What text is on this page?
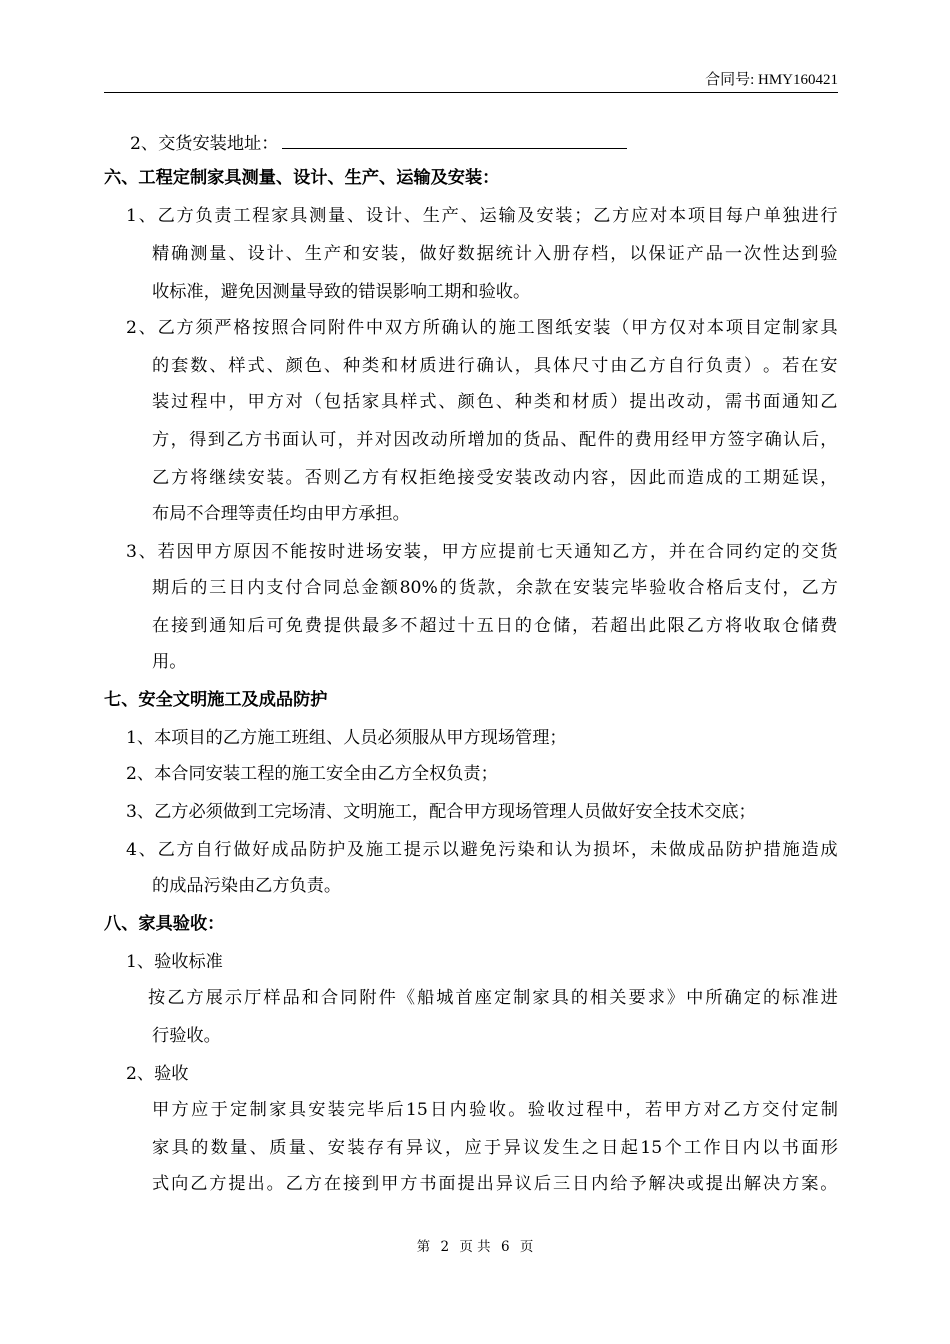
合同号: HMY160421
2、交货安装地址：
六、工程定制家具测量、设计、生产、运输及安装：
1 、 乙 方 负 责 工 程 家 具 测 量 、 设 计 、 生 产 、 运 输 及 安 装 ； 乙 方 应 对 本 项 目 每 户 单 独 进 行
精 确 测 量 、 设 计 、 生 产 和 安 装 ， 做 好 数 据 统 计 入 册 存 档 ， 以 保 证 产 品 一 次 性 达 到 验
收标准，避免因测量导致的错误影响工期和验收。
2 、 乙 方 须 严 格 按 照 合 同 附 件 中 双 方 所 确 认 的 施 工 图 纸 安 装 （ 甲 方 仅 对 本 项 目 定 制 家 具
的 套 数 、 样 式 、 颜 色 、 种 类 和 材 质 进 行 确 认 ， 具 体 尺 寸 由 乙 方 自 行 负 责 ） 。 若 在 安
装 过 程 中 ， 甲 方 对 （ 包 括 家 具 样 式 、 颜 色 、 种 类 和 材 质 ） 提 出 改 动 ， 需 书 面 通 知 乙
方 ， 得 到 乙 方 书 面 认 可 ， 并 对 因 改 动 所 增 加 的 货 品 、 配 件 的 费 用 经 甲 方 签 字 确 认 后 ，
乙 方 将 继 续 安 装 。 否 则 乙 方 有 权 拒 绝 接 受 安 装 改 动 内 容 ， 因 此 而 造 成 的 工 期 延 误 ，
布局不合理等责任均由甲方承担。
3 、 若 因 甲 方 原 因 不 能 按 时 进 场 安 装 ， 甲 方 应 提 前 七 天 通 知 乙 方 ， 并 在 合 同 约 定 的 交 货
期 后 的 三 日 内 支 付 合 同 总 金 额 80% 的 货 款 ， 余 款 在 安 装 完 毕 验 收 合 格 后 支 付 ， 乙 方
在 接 到 通 知 后 可 免 费 提 供 最 多 不 超 过 十 五 日 的 仓 储 ， 若 超 出 此 限 乙 方 将 收 取 仓 储 费
用。
七、安全文明施工及成品防护
1、本项目的乙方施工班组、人员必须服从甲方现场管理；
2、本合同安装工程的施工安全由乙方全权负责；
3、乙方必须做到工完场清、文明施工，配合甲方现场管理人员做好安全技术交底；
4 、 乙 方 自 行 做 好 成 品 防 护 及 施 工 提 示 以 避 免 污 染 和 认 为 损 坏 ， 未 做 成 品 防 护 措 施 造 成
的成品污染由乙方负责。
八、家具验收：
1、验收标准
按 乙 方 展 示 厅 样 品 和 合 同 附 件 《 船 城 首 座 定 制 家 具 的 相 关 要 求 》 中 所 确 定 的 标 准 进
行验收。
2、验收
甲 方 应 于 定 制 家 具 安 装 完 毕 后 15 日 内 验 收 。 验 收 过 程 中 ， 若 甲 方 对 乙 方 交 付 定 制
家 具 的 数 量 、 质 量 、 安 装 存 有 异 议 ， 应 于 异 议 发 生 之 日 起 15 个 工 作 日 内 以 书 面 形
式 向 乙 方 提 出 。 乙 方 在 接 到 甲 方 书 面 提 出 异 议 后 三 日 内 给 予 解 决 或 提 出 解 决 方 案 。
第 2 页 共 6 页
